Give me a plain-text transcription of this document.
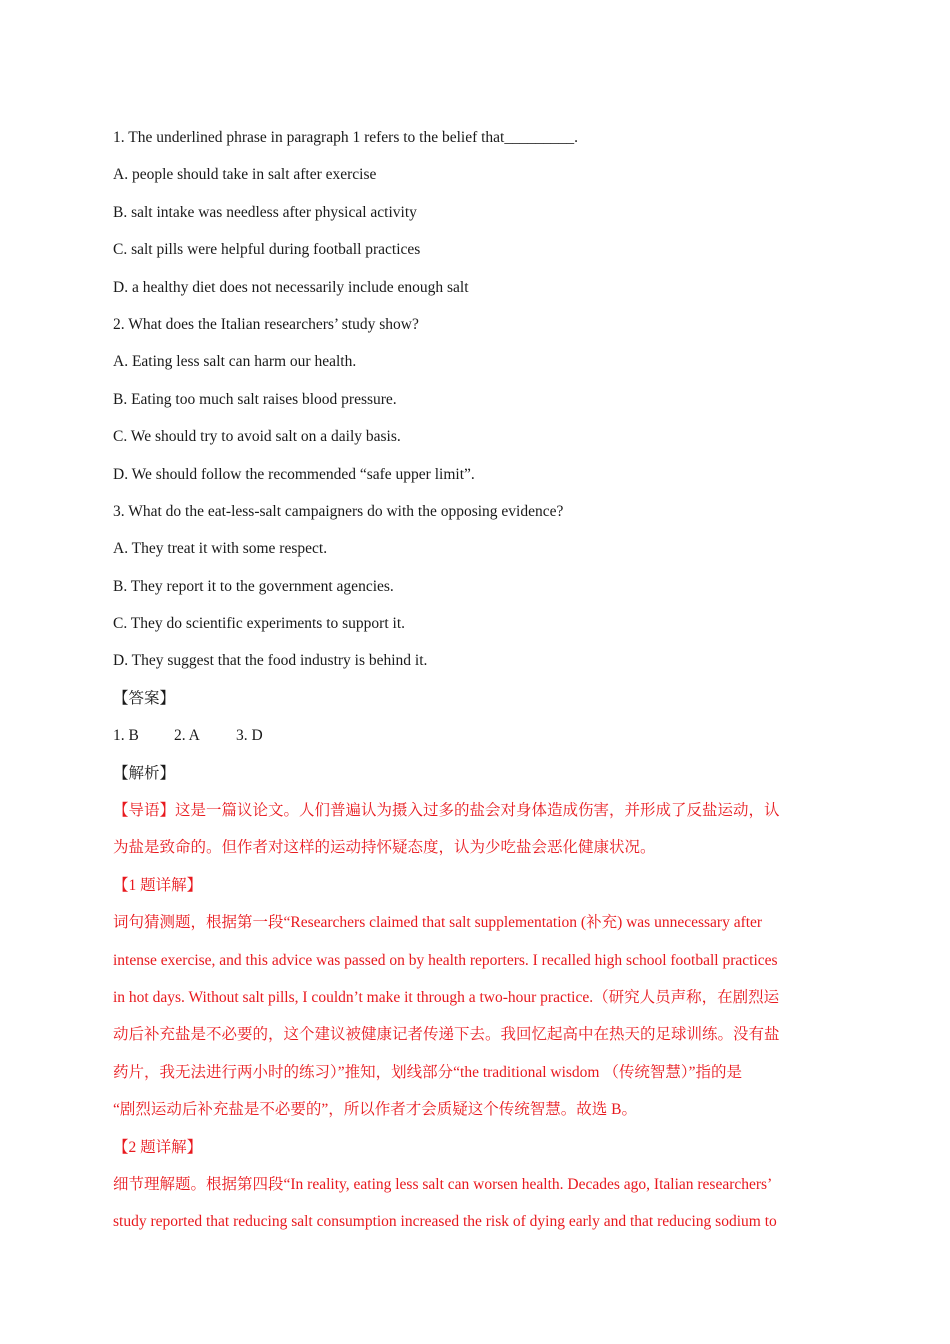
1. The underlined phrase in paragraph 1 refers to the belief that_________.
A. people should take in salt after exercise
B. salt intake was needless after physical activity
C. salt pills were helpful during football practices
D. a healthy diet does not necessarily include enough salt
2. What does the Italian researchers’ study show?
A. Eating less salt can harm our health.
B. Eating too much salt raises blood pressure.
C. We should try to avoid salt on a daily basis.
D. We should follow the recommended “safe upper limit”.
3. What do the eat-less-salt campaigners do with the opposing evidence?
A. They treat it with some respect.
B. They report it to the government agencies.
C. They do scientific experiments to support it.
D. They suggest that the food industry is behind it.
【答案】
1. B 2. A 3. D
【解析】
【导语】这是一篇议论文。人们普遍认为摄入过多的盐会对身体造成伤害，并形成了反盐运动，认
为盐是致命的。但作者对这样的运动持怀疑态度，认为少吃盐会恶化健康状况。
【1 题详解】
词句猜测题，根据第一段“Researchers claimed that salt supplementation (补充) was unnecessary after
intense exercise, and this advice was passed on by health reporters. I recalled high school football practices
in hot days. Without salt pills, I couldn’t make it through a two-hour practice.（研究人员声称，在剧烈运
动后补充盐是不必要的，这个建议被健康记者传递下去。我回忆起高中在热天的足球训练。没有盐
药片，我无法进行两小时的练习）”推知，划线部分“the traditional wisdom （传统智慧）”指的是
“剧烈运动后补充盐是不必要的”，所以作者才会质疑这个传统智慧。故选 B。
【2 题详解】
细节理解题。根据第四段“In reality, eating less salt can worsen health. Decades ago, Italian researchers’
study reported that reducing salt consumption increased the risk of dying early and that reducing sodium to
